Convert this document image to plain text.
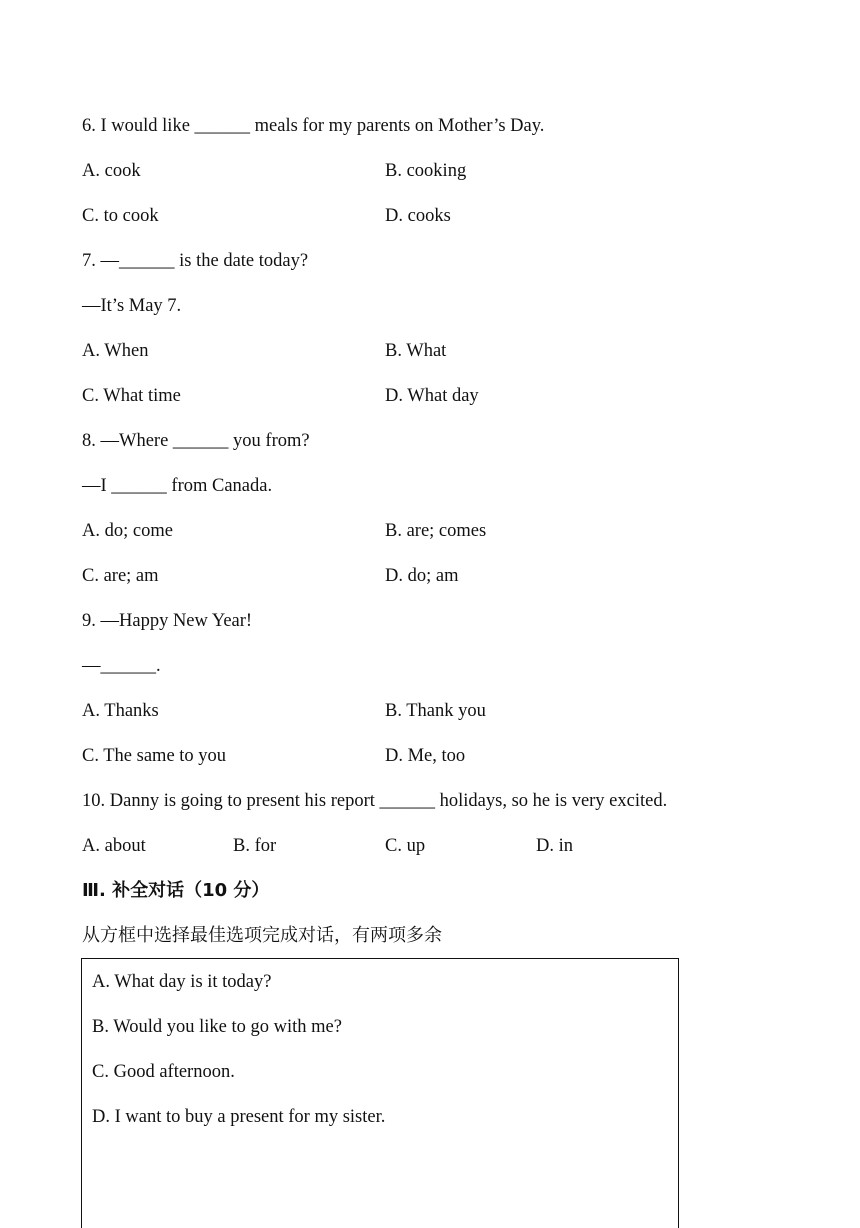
6. I would like ______ meals for my parents on Mother’s Day.
A. cook	B. cooking
C. to cook	D. cooks
7. —______ is the date today?
—It’s May 7.
A. When	B. What
C. What time	D. What day
8. —Where ______ you from?
—I ______ from Canada.
A. do; come	B. are; comes
C. are; am	D. do; am
9. —Happy New Year!
—______.
A. Thanks	B. Thank you
C. The same to you	D. Me, too
10. Danny is going to present his report ______ holidays, so he is very excited.
A. about	B. for	C. up	D. in
Ⅲ. 补全对话（10 分）
从方框中选择最佳选项完成对话，有两项多余
A. What day is it today?
B. Would you like to go with me?
C. Good afternoon.
D. I want to buy a present for my sister.
